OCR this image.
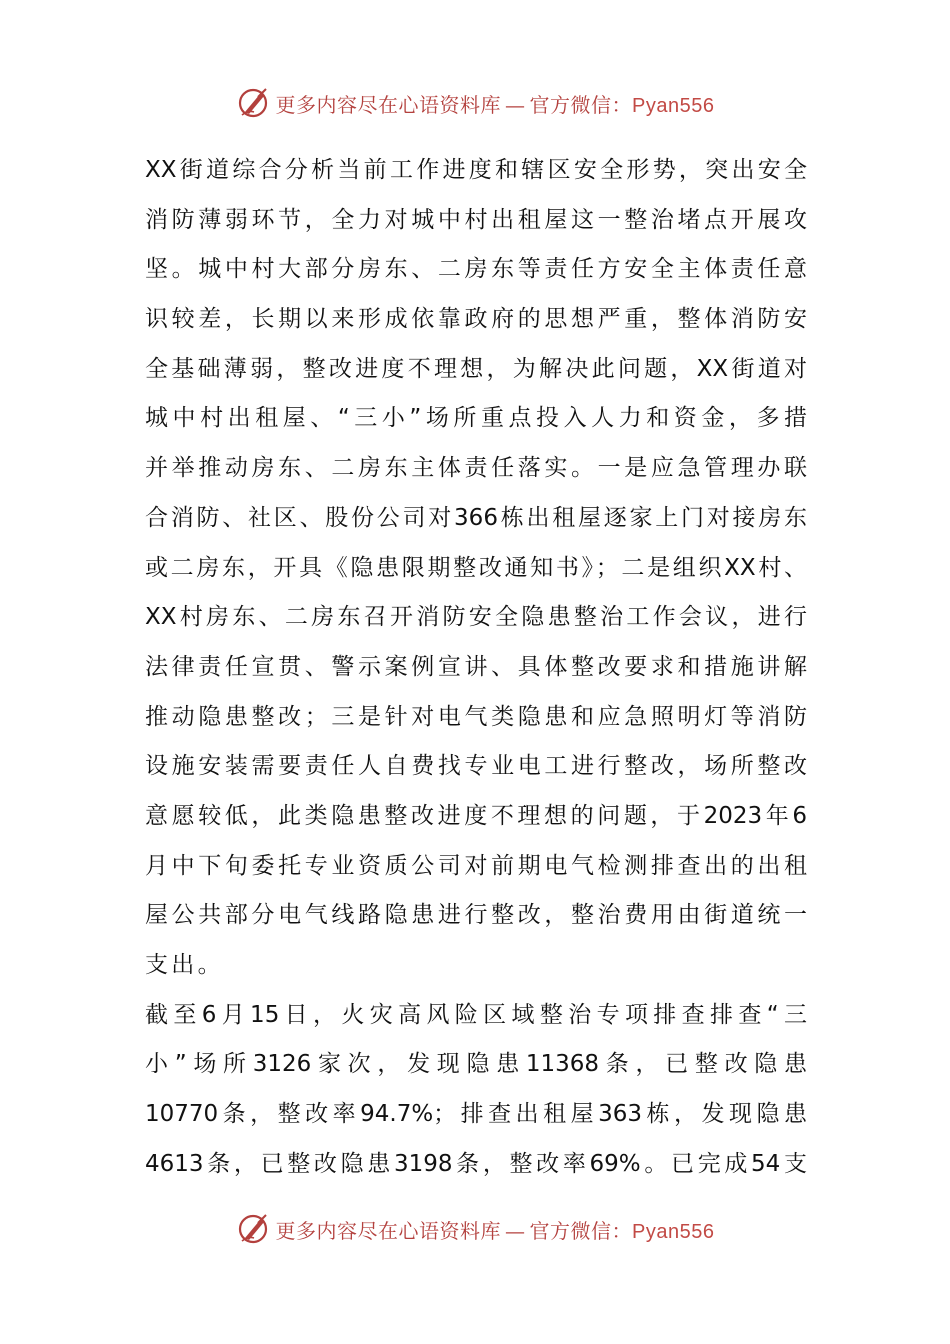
更多内容尽在心语资料库 — 官方微信：Pyan556
XX街道综合分析当前工作进度和辖区安全形势，突出安全
消防薄弱环节，全力对城中村出租屋这一整治堵点开展攻
坚。城中村大部分房东、二房东等责任方安全主体责任意
识较差，长期以来形成依靠政府的思想严重，整体消防安
全基础薄弱，整改进度不理想，为解决此问题，XX街道对
城中村出租屋、“三小”场所重点投入人力和资金，多措
并举推动房东、二房东主体责任落实。一是应急管理办联
合消防、社区、股份公司对366栋出租屋逐家上门对接房东
或二房东，开具《隐患限期整改通知书》；二是组织XX村、
XX村房东、二房东召开消防安全隐患整治工作会议，进行
法律责任宣贯、警示案例宣讲、具体整改要求和措施讲解
推动隐患整改；三是针对电气类隐患和应急照明灯等消防
设施安装需要责任人自费找专业电工进行整改，场所整改
意愿较低，此类隐患整改进度不理想的问题，于2023年6
月中下旬委托专业资质公司对前期电气检测排查出的出租
屋公共部分电气线路隐患进行整改，整治费用由街道统一
支出。
截至6月15日，火灾高风险区域整治专项排查排查“三
小”场所3126家次，发现隐患11368条，已整改隐患
10770条，整改率94.7%；排查出租屋363栋，发现隐患
4613条，已整改隐患3198条，整改率69%。已完成54支
更多内容尽在心语资料库 — 官方微信：Pyan556
